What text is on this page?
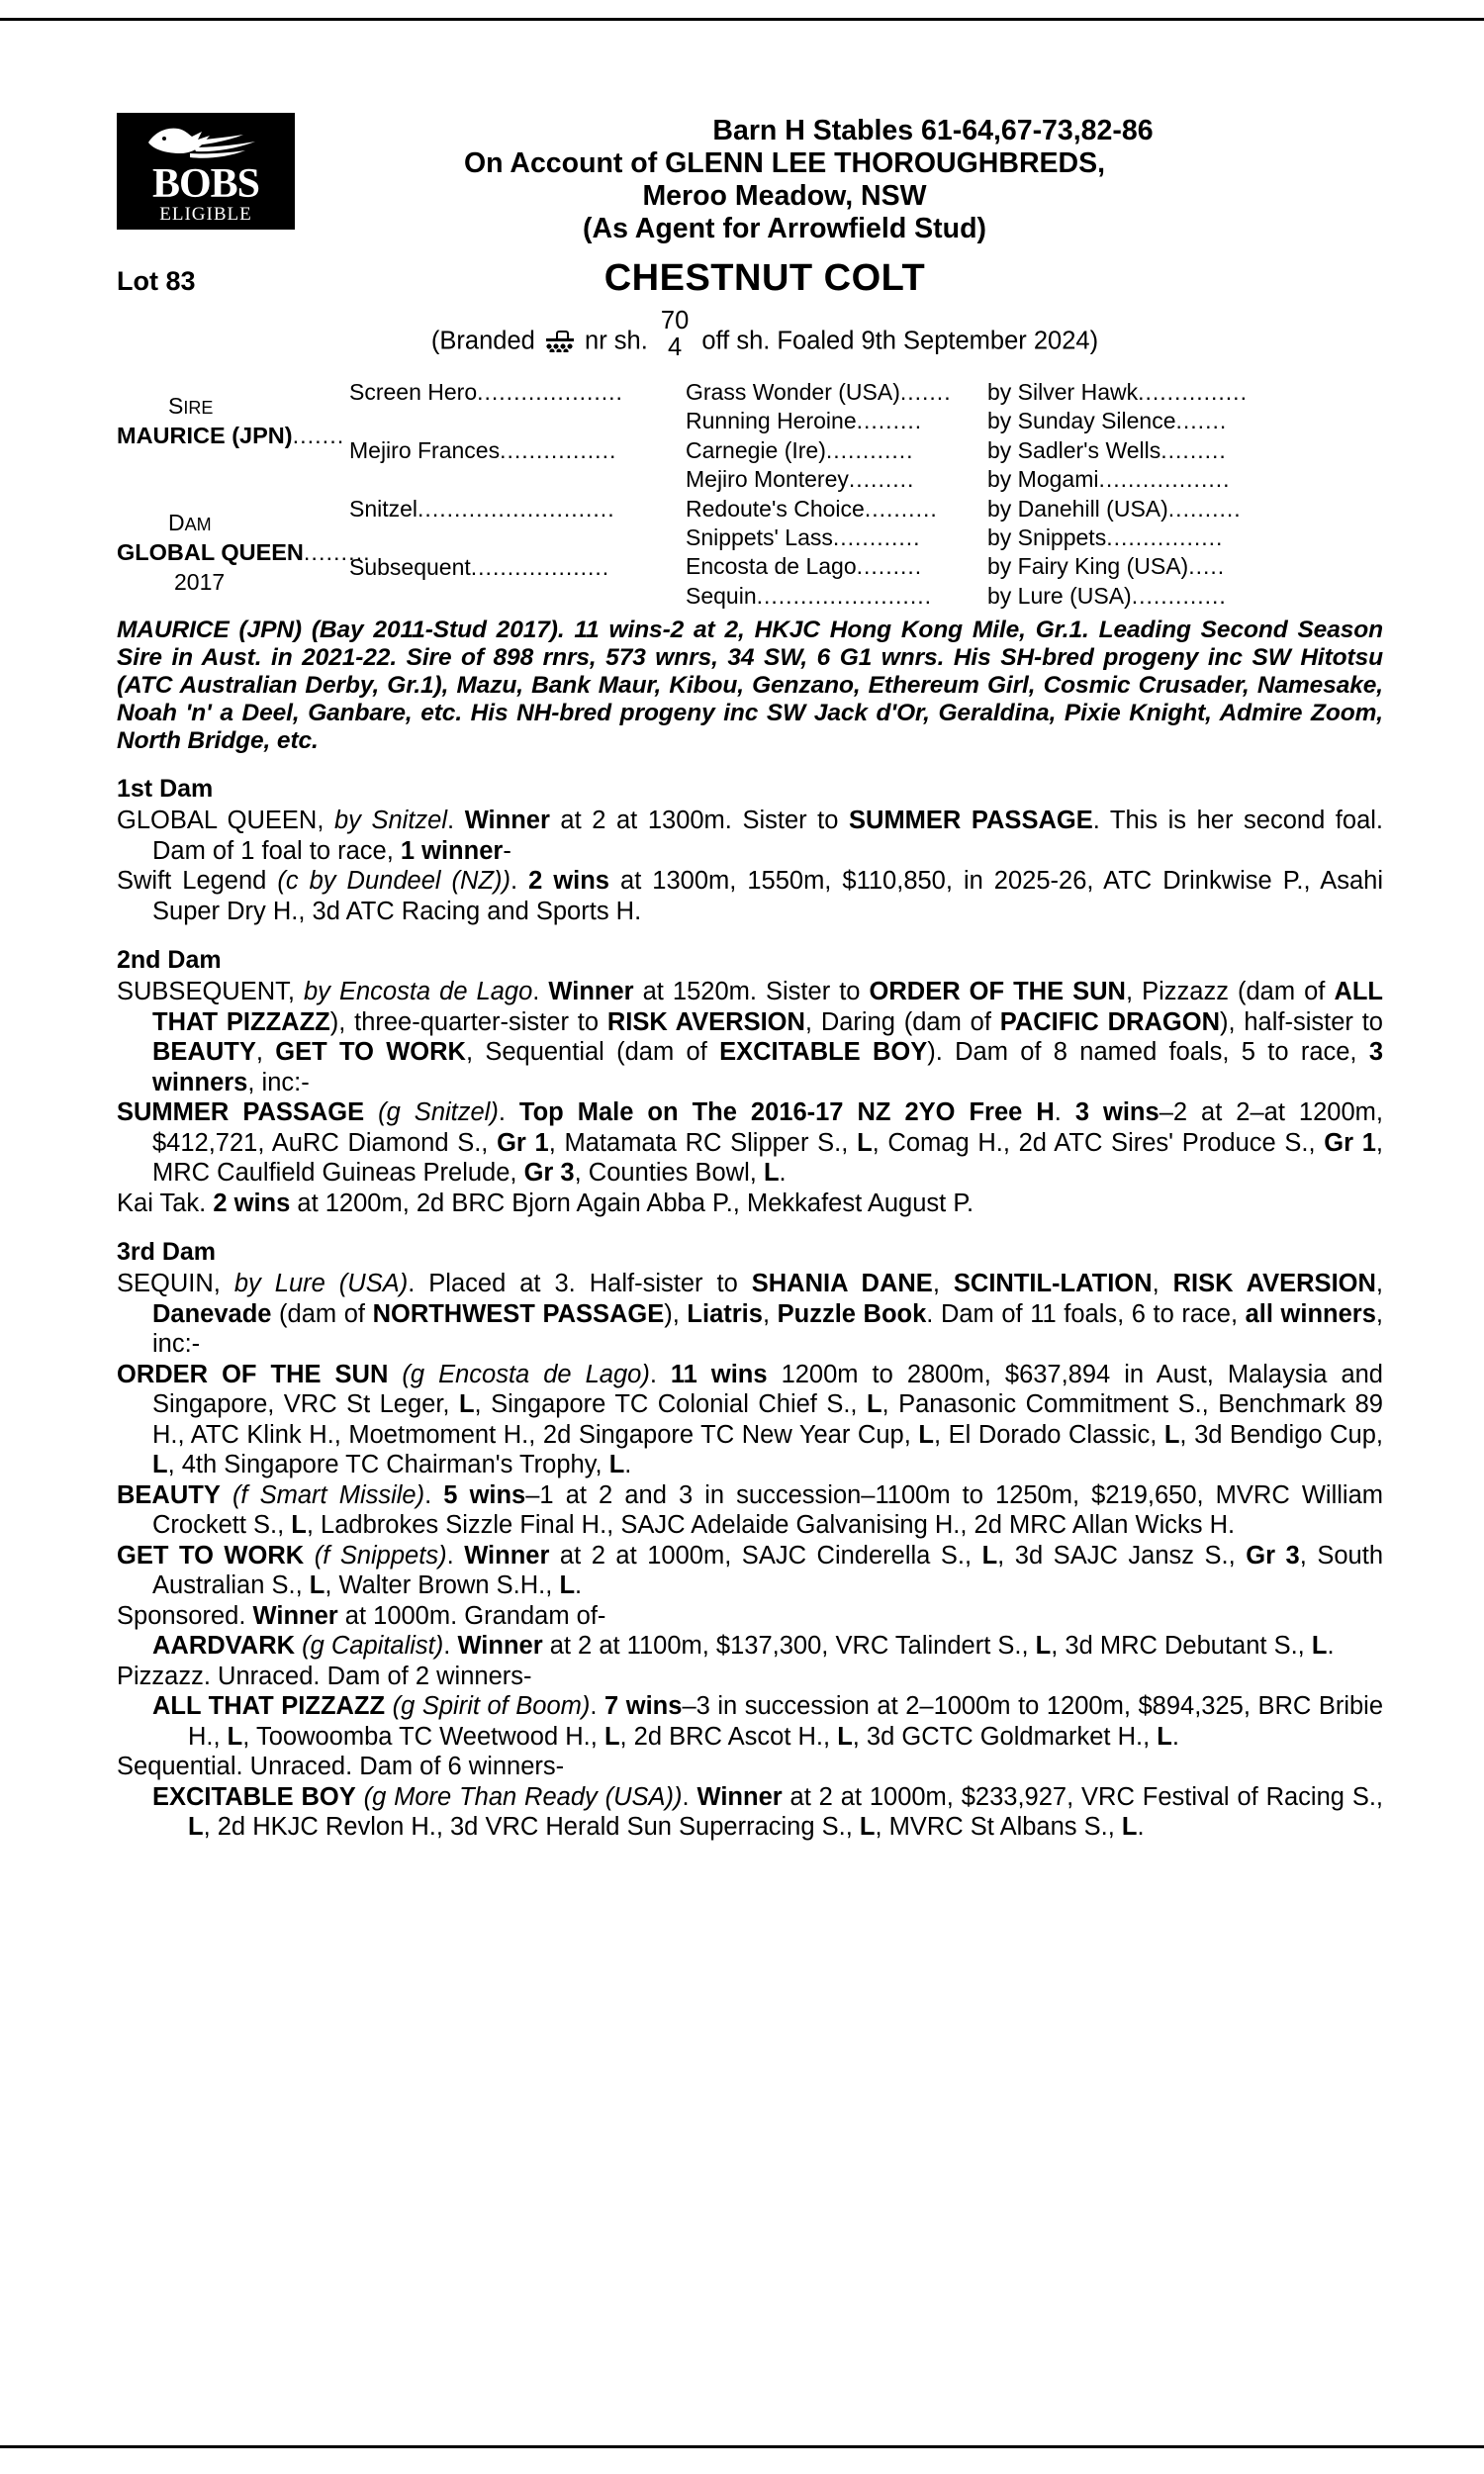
BOBS
ELIGIBLE
Barn H Stables 61-64,67-73,82-86
On Account of GLENN LEE THOROUGHBREDS,
Meroo Meadow, NSW
(As Agent for Arrowfield Stud)
Lot 83	CHESTNUT COLT
(Branded nr sh.
70
4 off sh. Foaled 9th September 2024)
SIRE
MAURICE (JPN).......
DAM
GLOBAL QUEEN.........
2017
Screen Hero....................
Mejiro Frances................
Snitzel...........................
Subsequent...................
Grass Wonder (USA).......
Running Heroine.........
Carnegie (Ire)............
Mejiro Monterey.........
Redoute's Choice..........
Snippets' Lass............
Encosta de Lago.........
Sequin........................
by Silver Hawk...............
by Sunday Silence.......
by Sadler's Wells.........
by Mogami..................
by Danehill (USA)..........
by Snippets................
by Fairy King (USA).....
by Lure (USA).............
MAURICE (JPN) (Bay 2011-Stud 2017). 11 wins-2 at 2, HKJC Hong Kong Mile, Gr.1. Leading Second Season Sire in Aust. in 2021-22. Sire of 898 rnrs, 573 wnrs, 34 SW, 6 G1 wnrs. His SH-bred progeny inc SW Hitotsu (ATC Australian Derby, Gr.1), Mazu, Bank Maur, Kibou, Genzano, Ethereum Girl, Cosmic Crusader, Namesake, Noah 'n' a Deel, Ganbare, etc. His NH-bred progeny inc SW Jack d'Or, Geraldina, Pixie Knight, Admire Zoom, North Bridge, etc.
1st Dam

GLOBAL QUEEN, by Snitzel. Winner at 2 at 1300m. Sister to SUMMER PASSAGE. This is her second foal. Dam of 1 foal to race, 1 winner-

Swift Legend (c by Dundeel (NZ)). 2 wins at 1300m, 1550m, $110,850, in 2025-26, ATC Drinkwise P., Asahi Super Dry H., 3d ATC Racing and Sports H.

2nd Dam

SUBSEQUENT, by Encosta de Lago. Winner at 1520m. Sister to ORDER OF THE SUN, Pizzazz (dam of ALL THAT PIZZAZZ), three-quarter-sister to RISK AVERSION, Daring (dam of PACIFIC DRAGON), half-sister to BEAUTY, GET TO WORK, Sequential (dam of EXCITABLE BOY). Dam of 8 named foals, 5 to race, 3 winners, inc:-

SUMMER PASSAGE (g Snitzel). Top Male on The 2016-17 NZ 2YO Free H. 3 wins–2 at 2–at 1200m, $412,721, AuRC Diamond S., Gr 1, Matamata RC Slipper S., L, Comag H., 2d ATC Sires' Produce S., Gr 1, MRC Caulfield Guineas Prelude, Gr 3, Counties Bowl, L.

Kai Tak. 2 wins at 1200m, 2d BRC Bjorn Again Abba P., Mekkafest August P.

3rd Dam

SEQUIN, by Lure (USA). Placed at 3. Half-sister to SHANIA DANE, SCINTIL-LATION, RISK AVERSION, Danevade (dam of NORTHWEST PASSAGE), Liatris, Puzzle Book. Dam of 11 foals, 6 to race, all winners, inc:-

ORDER OF THE SUN (g Encosta de Lago). 11 wins 1200m to 2800m, $637,894 in Aust, Malaysia and Singapore, VRC St Leger, L, Singapore TC Colonial Chief S., L, Panasonic Commitment S., Benchmark 89 H., ATC Klink H., Moetmoment H., 2d Singapore TC New Year Cup, L, El Dorado Classic, L, 3d Bendigo Cup, L, 4th Singapore TC Chairman's Trophy, L.

BEAUTY (f Smart Missile). 5 wins–1 at 2 and 3 in succession–1100m to 1250m, $219,650, MVRC William Crockett S., L, Ladbrokes Sizzle Final H., SAJC Adelaide Galvanising H., 2d MRC Allan Wicks H.

GET TO WORK (f Snippets). Winner at 2 at 1000m, SAJC Cinderella S., L, 3d SAJC Jansz S., Gr 3, South Australian S., L, Walter Brown S.H., L.

Sponsored. Winner at 1000m. Grandam of-

AARDVARK (g Capitalist). Winner at 2 at 1100m, $137,300, VRC Talindert S., L, 3d MRC Debutant S., L.

Pizzazz. Unraced. Dam of 2 winners-

ALL THAT PIZZAZZ (g Spirit of Boom). 7 wins–3 in succession at 2–1000m to 1200m, $894,325, BRC Bribie H., L, Toowoomba TC Weetwood H., L, 2d BRC Ascot H., L, 3d GCTC Goldmarket H., L.

Sequential. Unraced. Dam of 6 winners-

EXCITABLE BOY (g More Than Ready (USA)). Winner at 2 at 1000m, $233,927, VRC Festival of Racing S., L, 2d HKJC Revlon H., 3d VRC Herald Sun Superracing S., L, MVRC St Albans S., L.
